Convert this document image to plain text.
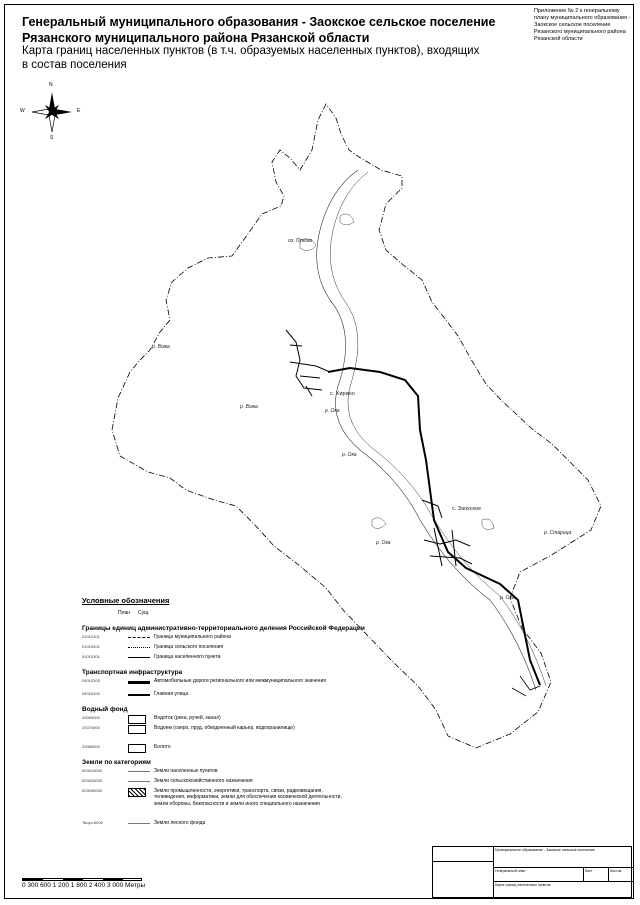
Генеральный муниципального образования - Заокское сельское поселение Рязанского муниципального района Рязанской области
Карта границ населенных пунктов (в т.ч. образуемых населенных пунктов), входящих в состав поселения
Приложение № 2 к генеральному плану муниципального образования - Заокское сельское поселение Рязанского муниципального района Рязанской области
N
S
E
W
с. Хирино
с. Заокское
р. Ока
р. Ока
р. Ока
р. Ока
оз. Пуково
р. Вожа
р. Вожа
р. Старица
Условные обозначения
План	Сущ
Границы единиц административно-территориального деления Российской Федерации
01010101	Граница муниципального района
01010201	Граница сельского поселения
01010301	Граница населенного пункта
Транспортная инфраструктура
04010200	Автомобильные дороги регионального или межмуниципального значения
04020100	Главная улица
Водный фонд
20060000	Водоток (река, ручей, канал)
20070000	Водоем (озеро, пруд, обводненный карьер, водохранилище)
20080000	Болото
Земли по категориям
003010000	Земли населенных пунктов
003020000	Земли сельскохозяйственного назначения
003030000	Земли промышленности, энергетики, транспорта, связи, радиовещания, телевидения, информатики, земли для обеспечения космической деятельности, земли обороны, безопасности и земли иного специального назначения
Творч.6000	Земли лесного фонда
0 300 600 1 200 1 800 2 400 3 000 Метры
Муниципальное образование - Заокское сельское поселение
Генеральный план	Лист	Листов
Карта границ населенных пунктов
